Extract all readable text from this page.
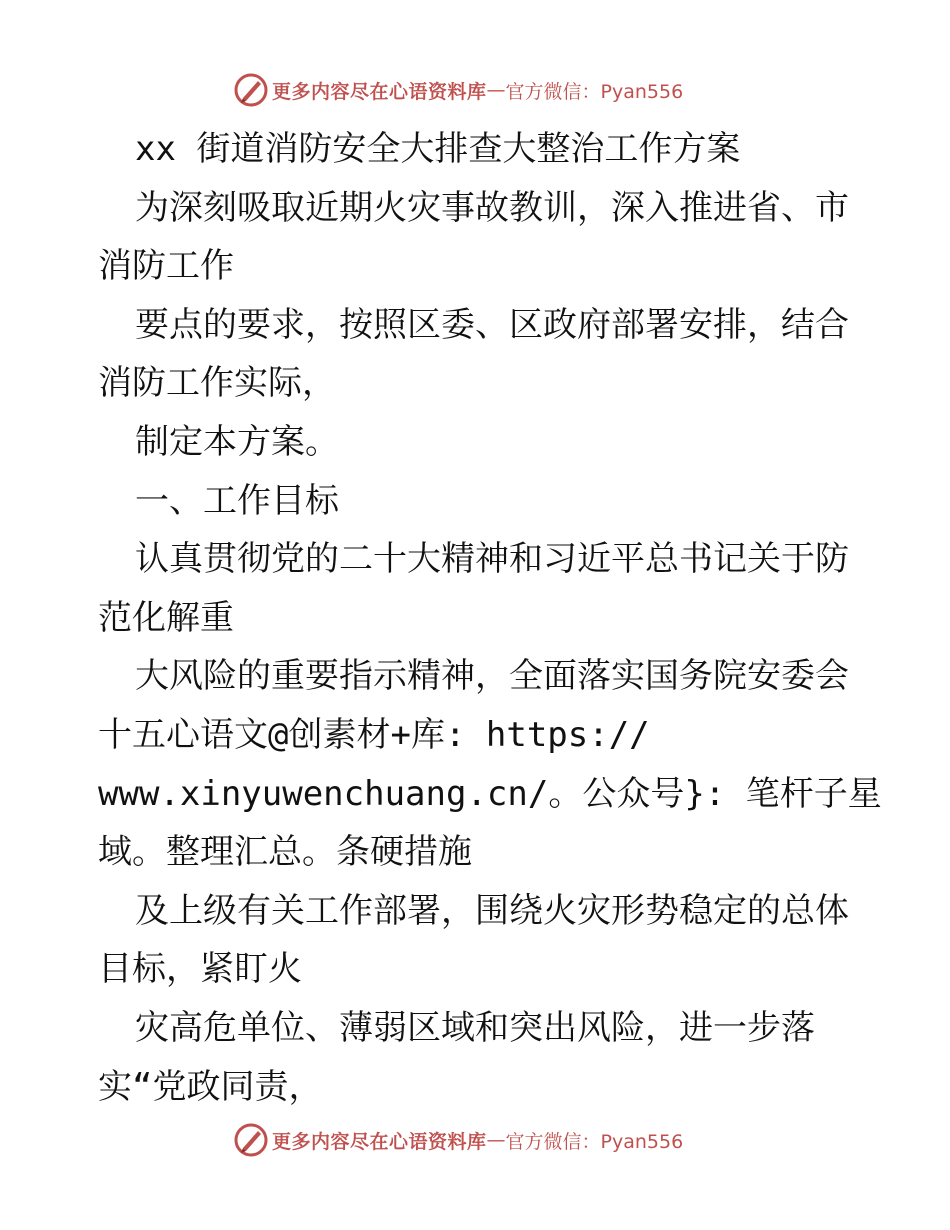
更多内容尽在心语资料库 — 官方微信：Pyan556
xx 街道消防安全大排查大整治工作方案
为深刻吸取近期火灾事故教训，深入推进省、市
消防工作
要点的要求，按照区委、区政府部署安排，结合
消防工作实际，
制定本方案。
一、工作目标
认真贯彻党的二十大精神和习近平总书记关于防
范化解重
大风险的重要指示精神，全面落实国务院安委会
十五心语文@创素材+库: https://
www.xinyuwenchuang.cn/。公众号}: 笔杆子星
域。整理汇总。条硬措施
及上级有关工作部署，围绕火灾形势稳定的总体
目标，紧盯火
灾高危单位、薄弱区域和突出风险，进一步落
实“党政同责，
更多内容尽在心语资料库 — 官方微信：Pyan556
